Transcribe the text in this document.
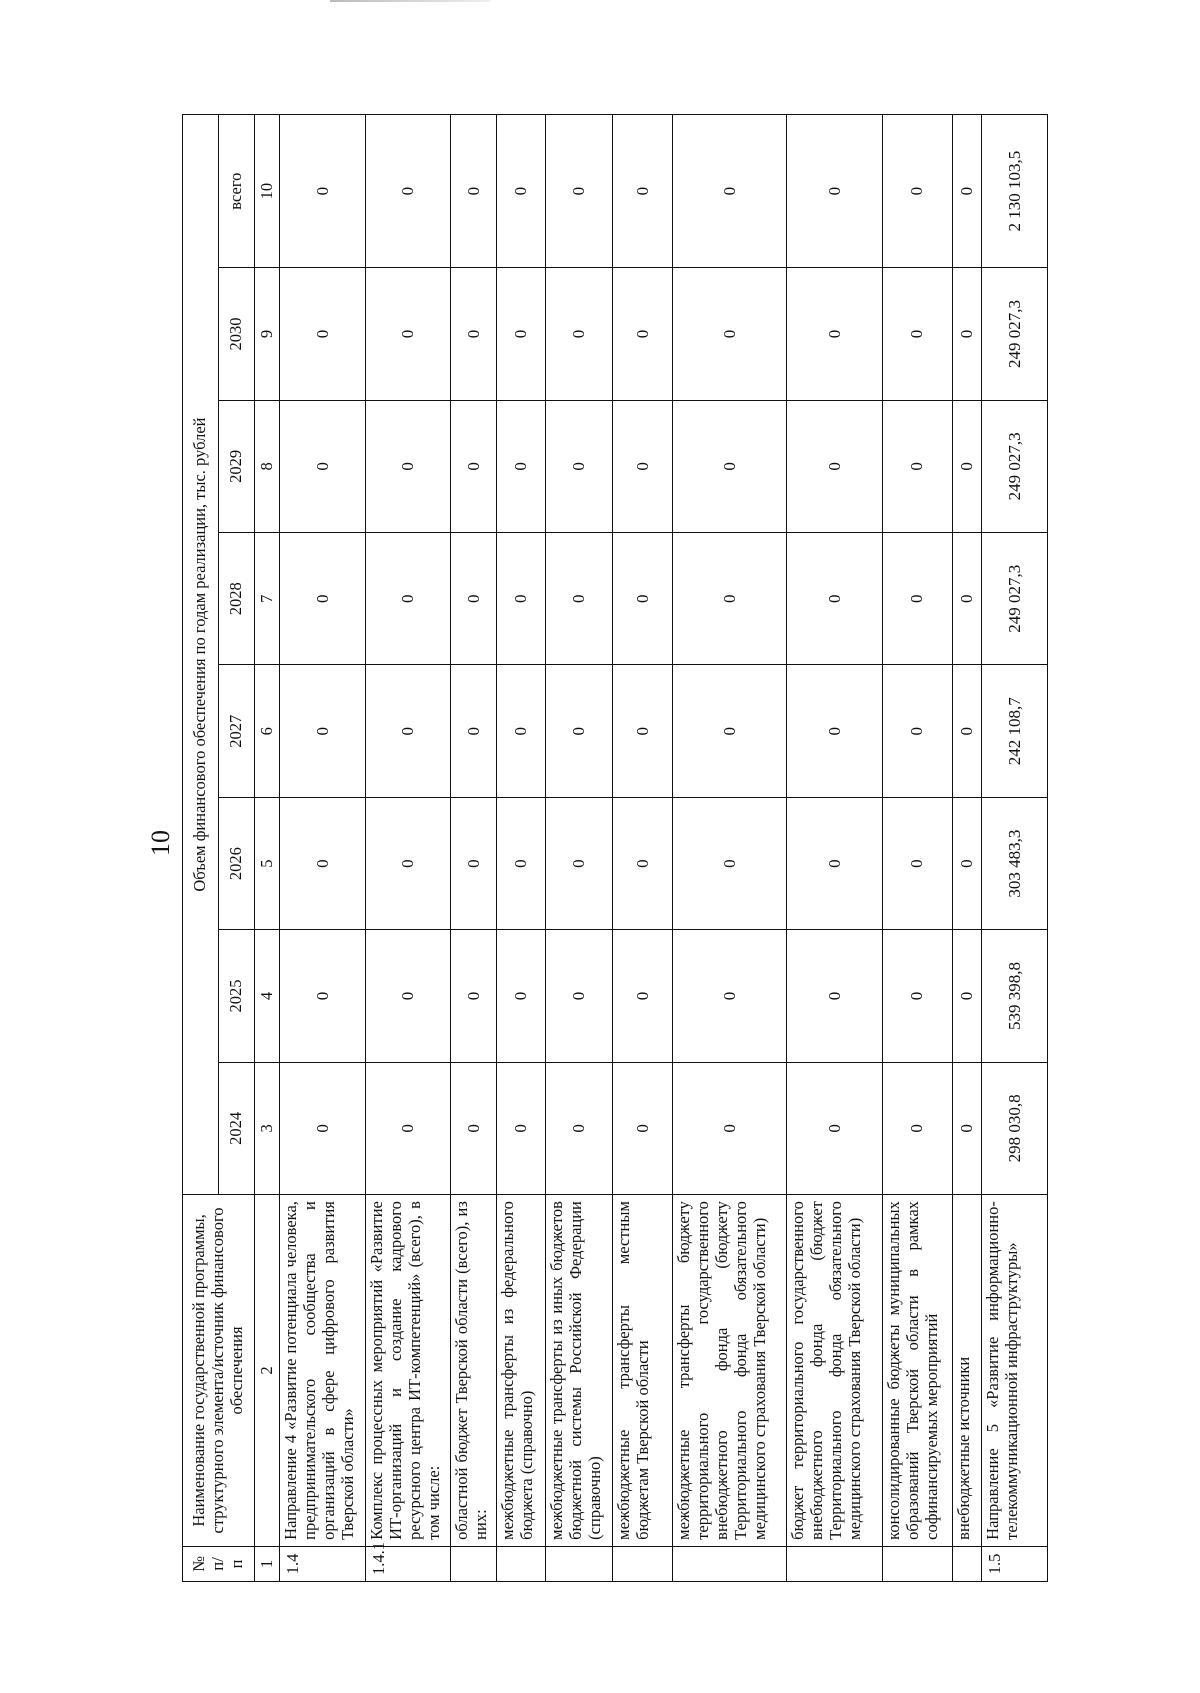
10
№ п/п	Наименование государственной программы, структурного элемента/источник финансового обеспечения	Объем финансового обеспечения по годам реализации, тыс. рублей							
		2024	2025	2026	2027	2028	2029	2030	всего
1	2	3	4	5	6	7	8	9	10
1.4	Направление 4 «Развитие потенциала человека, предпринимательского сообщества и организаций в сфере цифрового развития Тверской области»	0	0	0	0	0	0	0	0
1.4.1	Комплекс процессных мероприятий «Развитие ИТ-организаций и создание кадрового ресурсного центра ИТ-компетенций» (всего), в том числе:	0	0	0	0	0	0	0	0
	областной бюджет Тверской области (всего), из них:	0	0	0	0	0	0	0	0
	межбюджетные трансферты из федерального бюджета (справочно)	0	0	0	0	0	0	0	0
	межбюджетные трансферты из иных бюджетов бюджетной системы Российской Федерации (справочно)	0	0	0	0	0	0	0	0
	межбюджетные трансферты местным бюджетам Тверской области	0	0	0	0	0	0	0	0
	межбюджетные трансферты бюджету территориального государственного внебюджетного фонда (бюджету Территориального фонда обязательного медицинского страхования Тверской области)	0	0	0	0	0	0	0	0
	бюджет территориального государственного внебюджетного фонда (бюджет Территориального фонда обязательного медицинского страхования Тверской области)	0	0	0	0	0	0	0	0
	консолидированные бюджеты муниципальных образований Тверской области в рамках софинансируемых мероприятий	0	0	0	0	0	0	0	0
	внебюджетные источники	0	0	0	0	0	0	0	0
1.5	Направление 5 «Развитие информационно-телекоммуникационной инфраструктуры»	298 030,8	539 398,8	303 483,3	242 108,7	249 027,3	249 027,3	249 027,3	2 130 103,5
